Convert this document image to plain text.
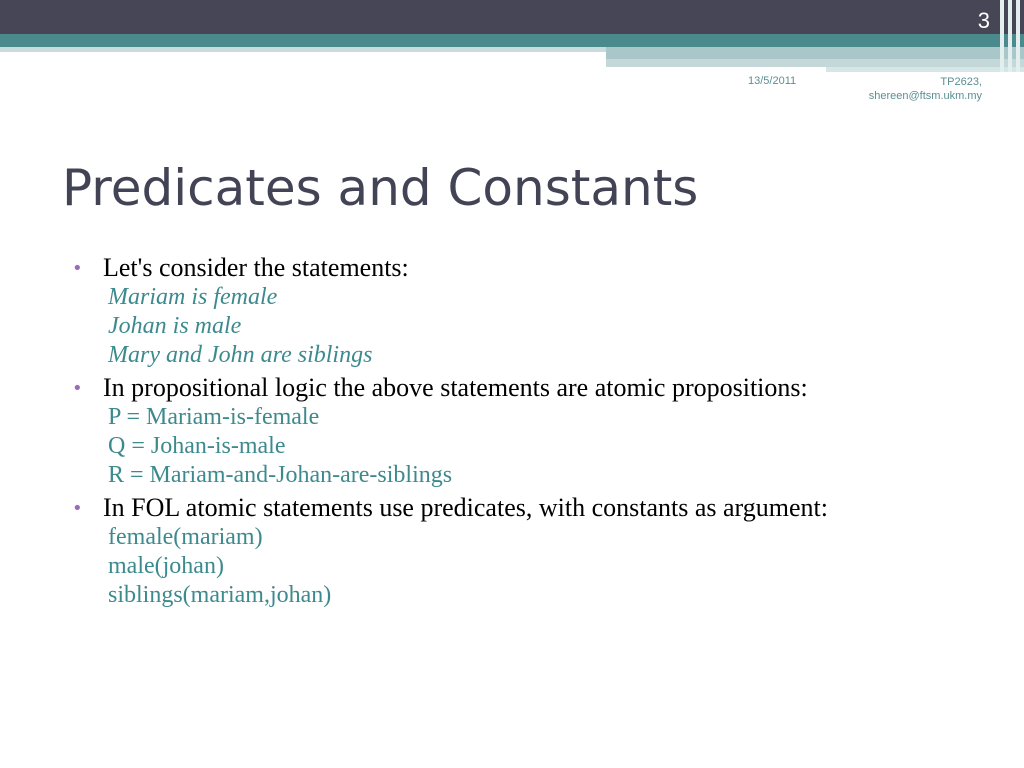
3
13/5/2011	TP2623,
shereen@ftsm.ukm.my
Predicates and Constants
• Let's consider the statements:
Mariam is female
Johan is male
Mary and John are siblings
• In propositional logic the above statements are atomic propositions:
P = Mariam-is-female
Q = Johan-is-male
R = Mariam-and-Johan-are-siblings
• In FOL atomic statements use predicates, with constants as argument:
female(mariam)
male(johan)
siblings(mariam,johan)
